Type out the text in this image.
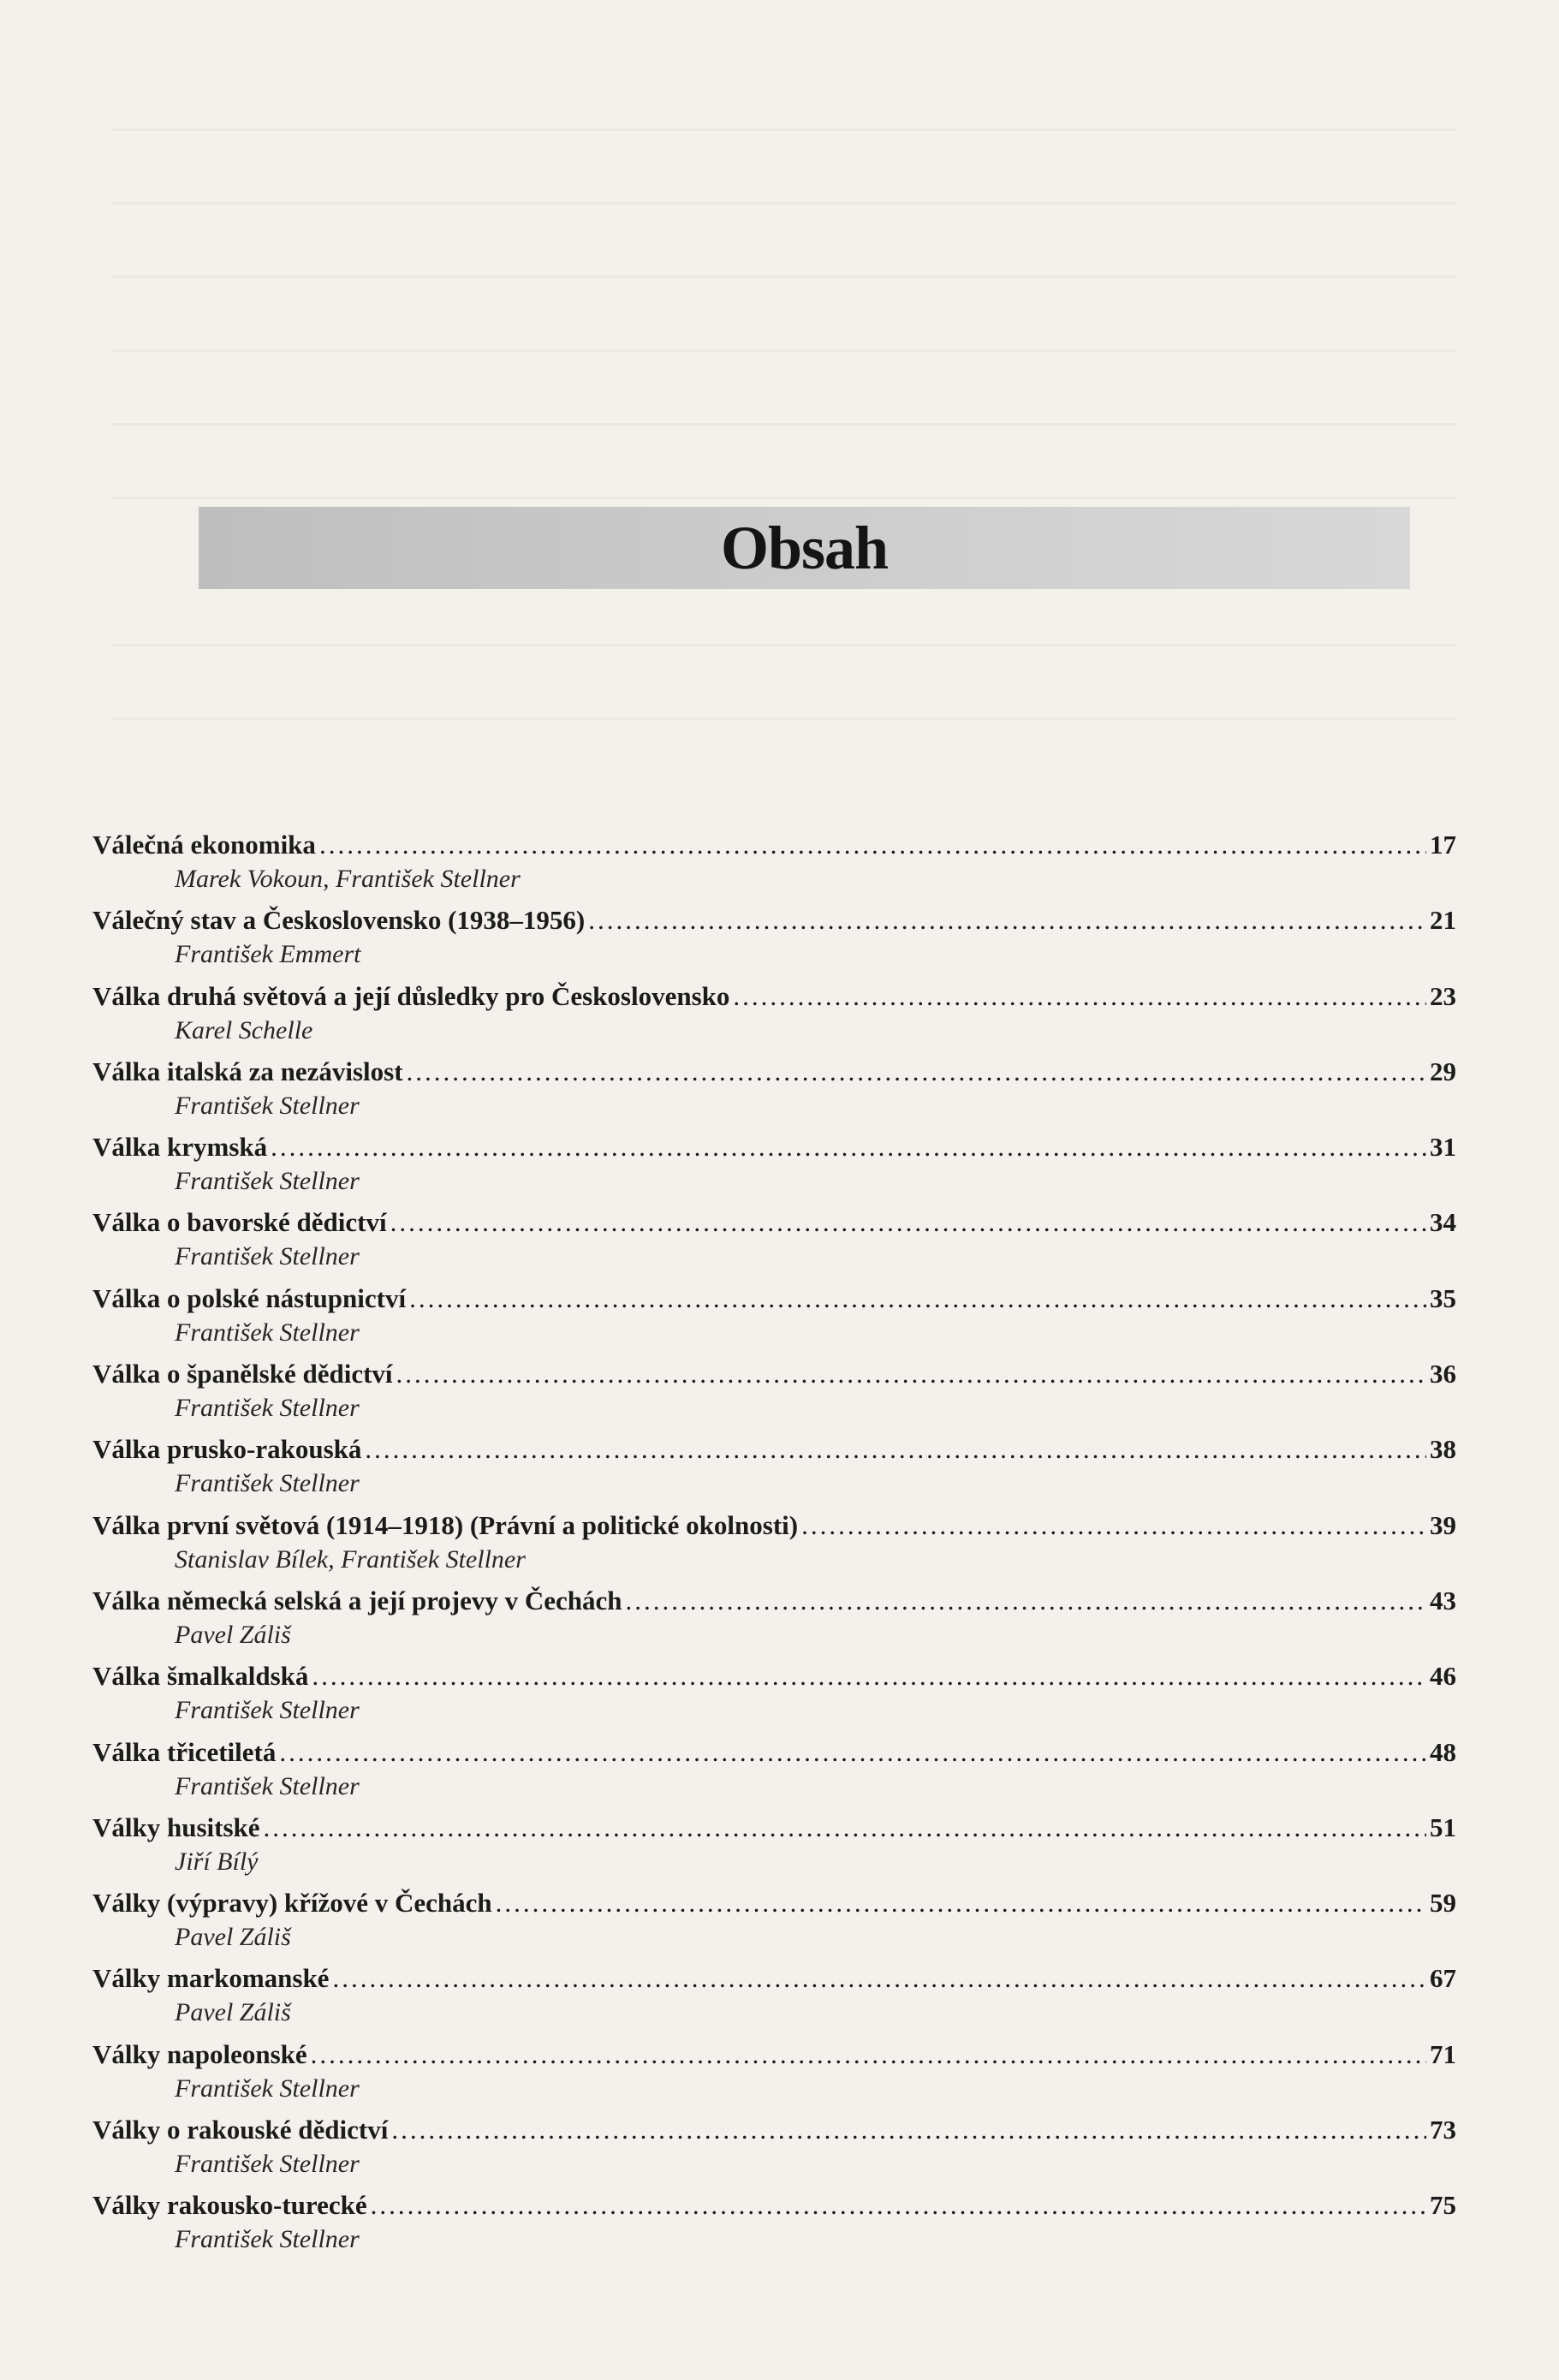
Obsah
Válečná ekonomika .....	17
Marek Vokoun, František Stellner
Válečný stav a Československo (1938–1956) .....	21
František Emmert
Válka druhá světová a její důsledky pro Československo .....	23
Karel Schelle
Válka italská za nezávislost .....	29
František Stellner
Válka krymská .....	31
František Stellner
Válka o bavorské dědictví .....	34
František Stellner
Válka o polské nástupnictví .....	35
František Stellner
Válka o španělské dědictví .....	36
František Stellner
Válka prusko-rakouská .....	38
František Stellner
Válka první světová (1914–1918) (Právní a politické okolnosti) .....	39
Stanislav Bílek, František Stellner
Válka německá selská a její projevy v Čechách .....	43
Pavel Záliš
Válka šmalkaldská .....	46
František Stellner
Válka třicetiletá .....	48
František Stellner
Války husitské .....	51
Jiří Bílý
Války (výpravy) křížové v Čechách .....	59
Pavel Záliš
Války markomanské .....	67
Pavel Záliš
Války napoleonské .....	71
František Stellner
Války o rakouské dědictví .....	73
František Stellner
Války rakousko-turecké .....	75
František Stellner
